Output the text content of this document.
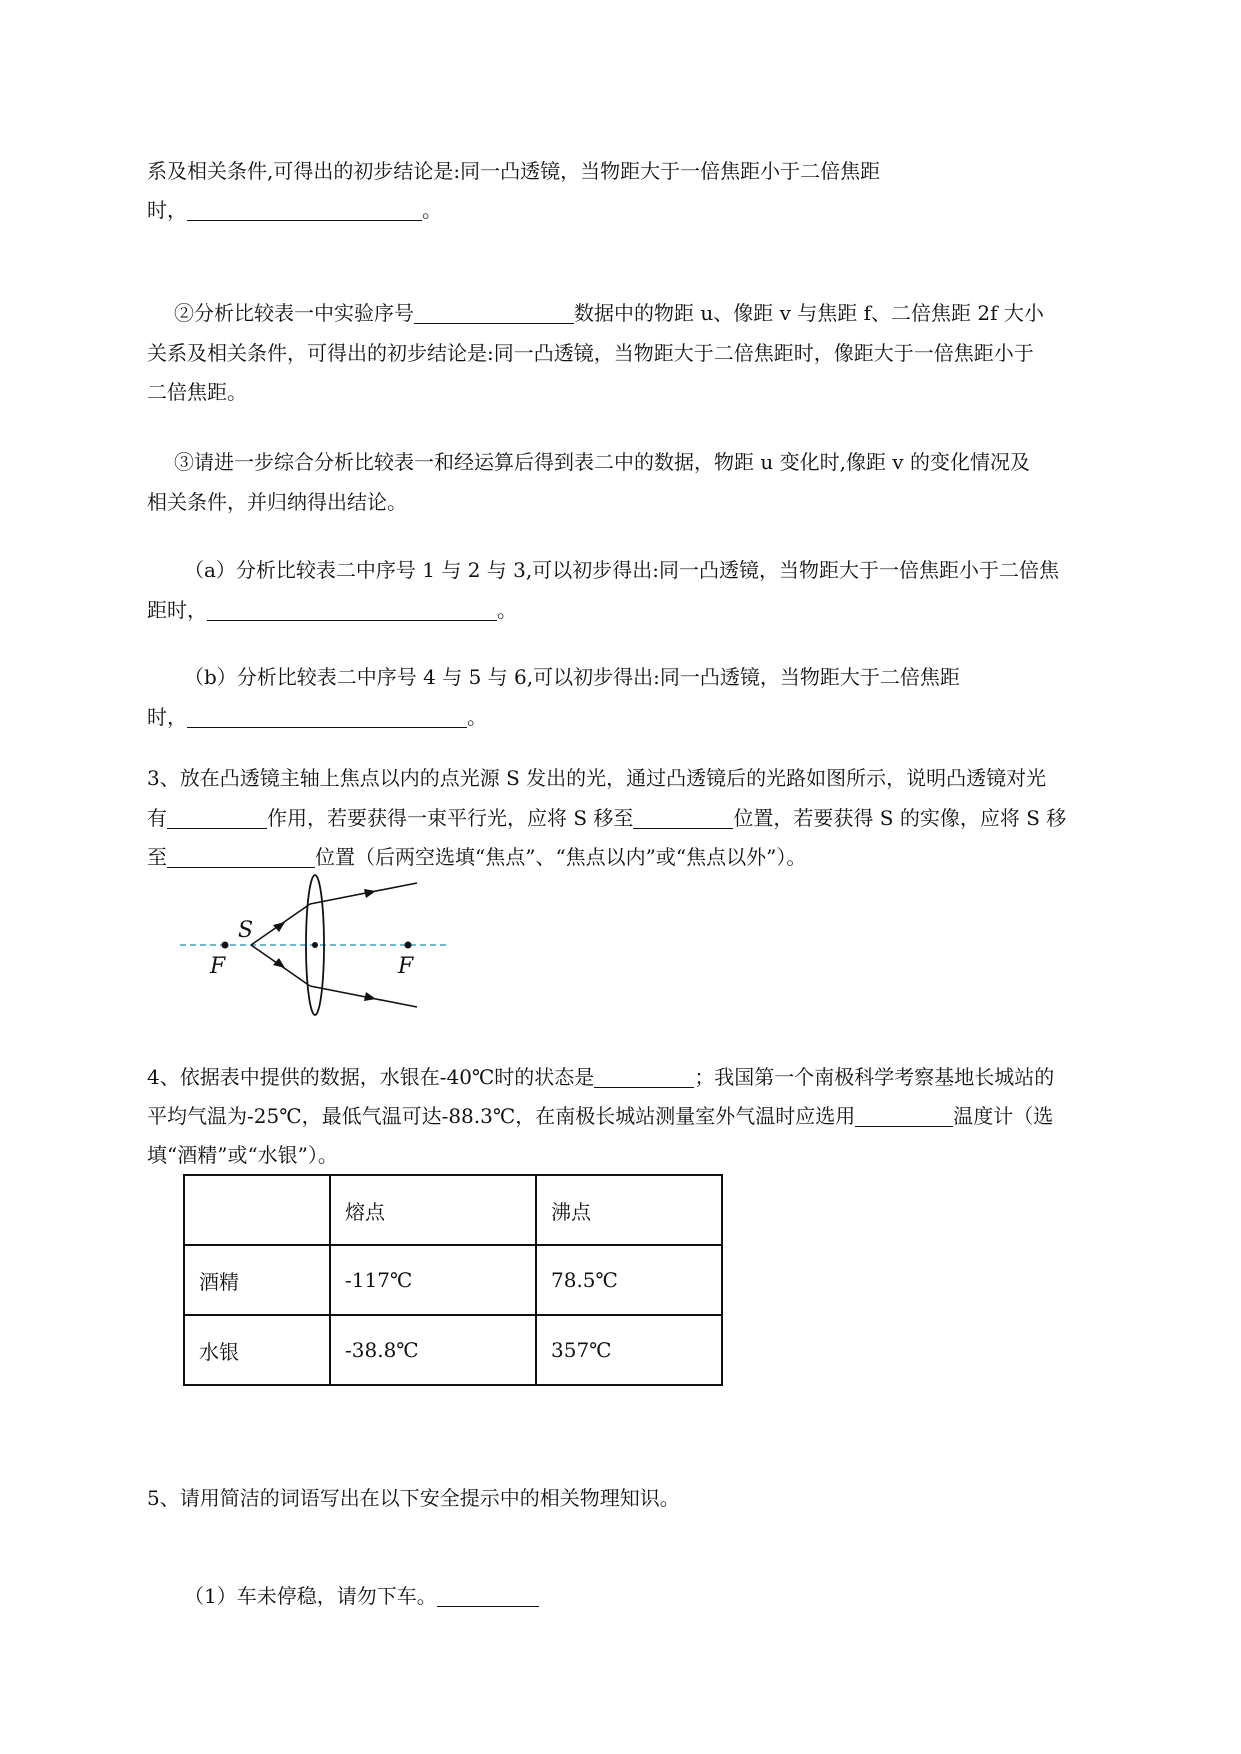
系及相关条件,可得出的初步结论是:同一凸透镜，当物距大于一倍焦距小于二倍焦距
时，	。
②分析比较表一中实验序号	数据中的物距 u、像距 v 与焦距 f、二倍焦距 2f 大小
关系及相关条件，可得出的初步结论是:同一凸透镜，当物距大于二倍焦距时，像距大于一倍焦距小于
二倍焦距。
③请进一步综合分析比较表一和经运算后得到表二中的数据，物距 u 变化时,像距 v 的变化情况及
相关条件，并归纳得出结论。
（a）分析比较表二中序号 1 与 2 与 3,可以初步得出:同一凸透镜，当物距大于一倍焦距小于二倍焦
距时，	。
（b）分析比较表二中序号 4 与 5 与 6,可以初步得出:同一凸透镜，当物距大于二倍焦距
时，	。
3、放在凸透镜主轴上焦点以内的点光源 S 发出的光，通过凸透镜后的光路如图所示，说明凸透镜对光
有	作用，若要获得一束平行光，应将 S 移至	位置，若要获得 S 的实像，应将 S 移
至	位置（后两空选填“焦点”、“焦点以内”或“焦点以外”）。
S
F	F
4、依据表中提供的数据，水银在-40℃时的状态是	；我国第一个南极科学考察基地长城站的
平均气温为-25℃，最低气温可达-88.3℃，在南极长城站测量室外气温时应选用	温度计（选
填“酒精”或“水银”）。
	熔点	沸点
酒精	-117℃	78.5℃
水银	-38.8℃	357℃
5、请用简洁的词语写出在以下安全提示中的相关物理知识。
（1）车未停稳，请勿下车。
